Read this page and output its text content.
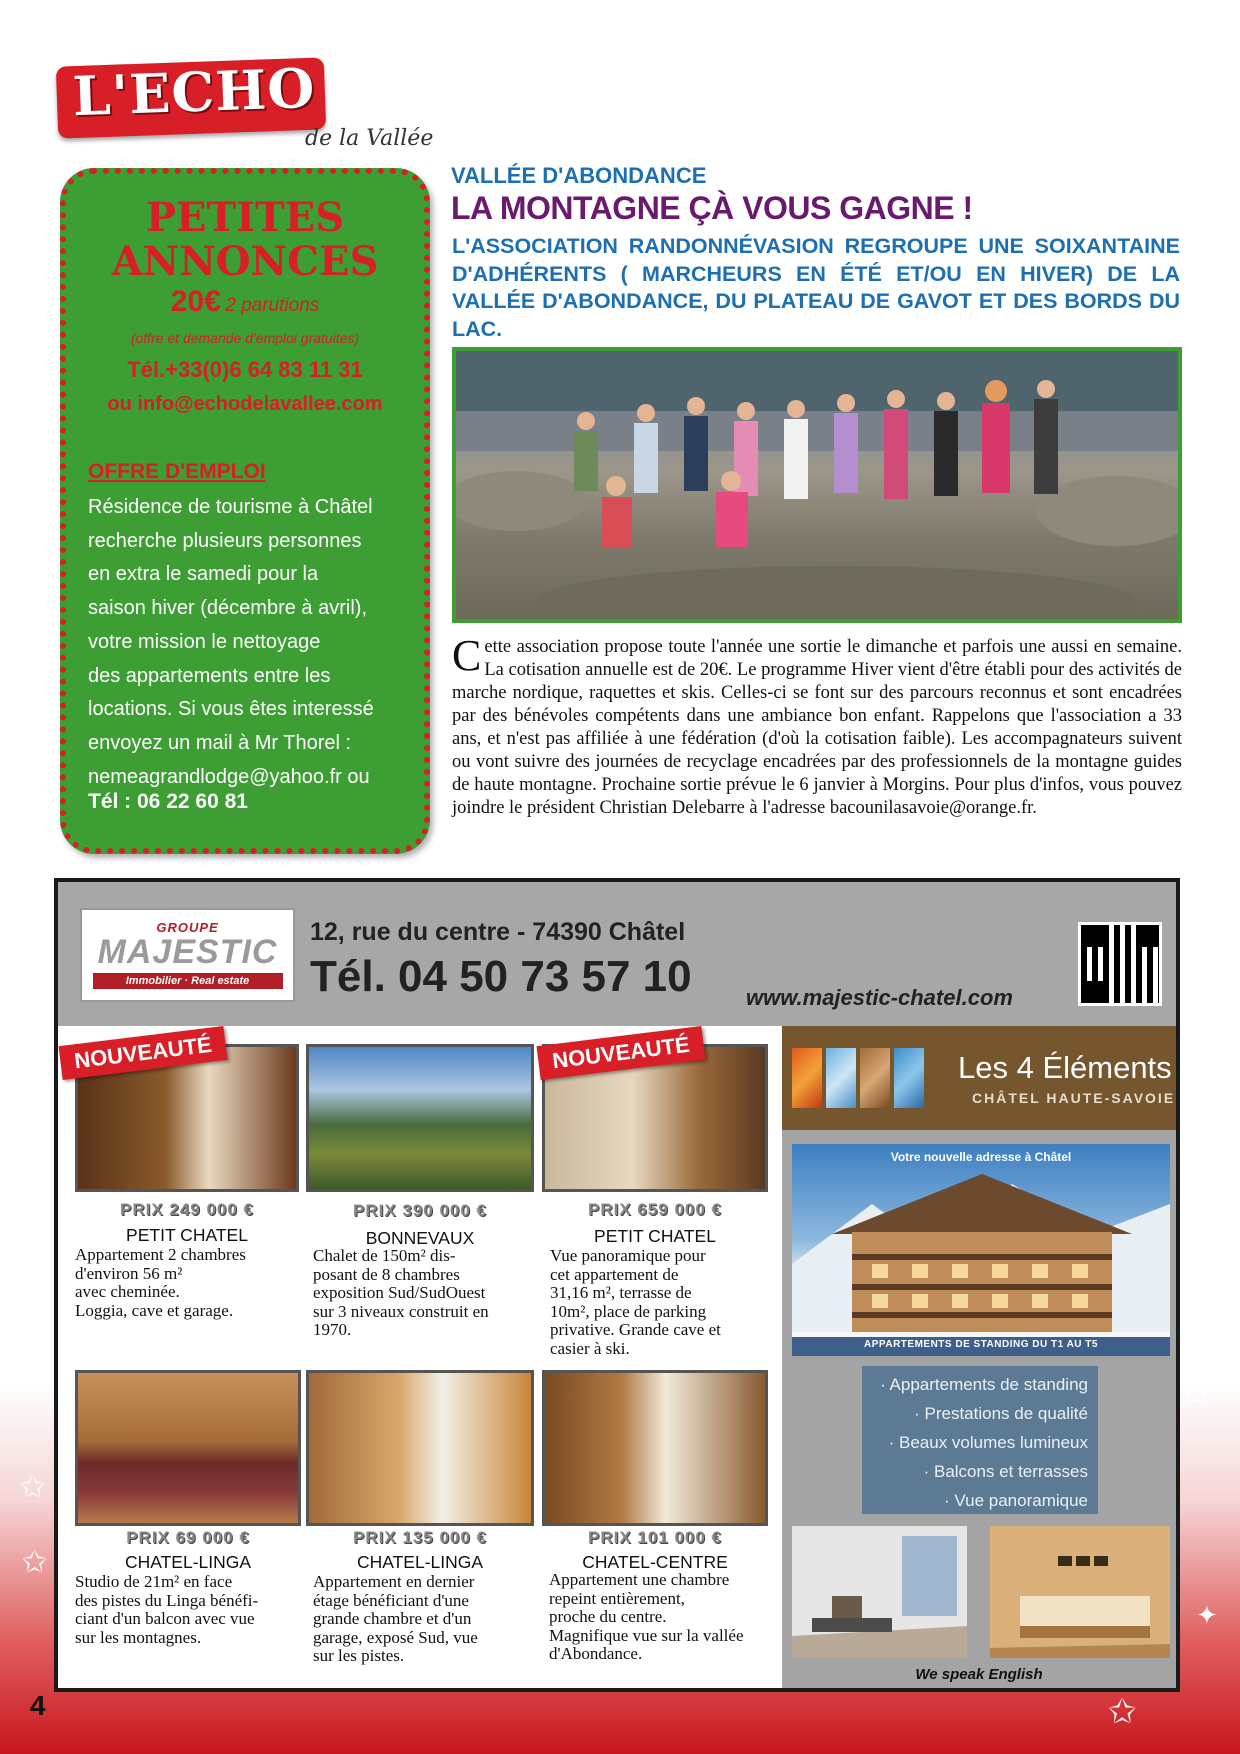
L'ECHO
de la Vallée
PETITES
ANNONCES
20€ 2 parutions
(offre et demande d'emploi gratuites)
Tél.+33(0)6 64 83 11 31
ou info@echodelavallee.com
OFFRE D'EMPLOI
Résidence de tourisme à Châtel
recherche plusieurs personnes
en extra le samedi pour la
saison hiver (décembre à avril),
votre mission le nettoyage
des appartements entre les
locations. Si vous êtes interessé
envoyez un mail à Mr Thorel :
nemeagrandlodge@yahoo.fr ou
Tél : 06 22 60 81
VALLÉE D'ABONDANCE
LA MONTAGNE ÇÀ VOUS GAGNE !
L'ASSOCIATION RANDONNÉVASION REGROUPE UNE SOIXANTAINE D'ADHÉRENTS ( MARCHEURS EN ÉTÉ ET/OU EN HIVER) DE LA VALLÉE D'ABONDANCE, DU PLATEAU DE GAVOT ET DES BORDS DU LAC.
Cette association propose toute l'année une sortie le dimanche et parfois une aussi en semaine. La cotisation annuelle est de 20€. Le programme Hiver vient d'être établi pour des activités de marche nordique, raquettes et skis. Celles-ci se font sur des parcours reconnus et sont encadrées par des bénévoles compétents dans une ambiance bon enfant. Rappelons que l'association a 33 ans, et n'est pas affiliée à une fédération (d'où la cotisation faible). Les accompagnateurs suivent ou vont suivre des journées de recyclage encadrées par des professionnels de la montagne guides de haute montagne. Prochaine sortie prévue le 6 janvier à Morgins. Pour plus d'infos, vous pouvez joindre le président Christian Delebarre à l'adresse bacounilasavoie@orange.fr.
GROUPE
MAJESTIC
Immobilier · Real estate
12, rue du centre - 74390 Châtel
Tél. 04 50 73 57 10 www.majestic-chatel.com
NOUVEAUTÉ
PRIX 249 000 €
PETIT CHATEL
Appartement 2 chambres
d'environ 56 m²
avec cheminée.
Loggia, cave et garage.
PRIX 390 000 €
BONNEVAUX
Chalet de 150m² dis-
posant de 8 chambres
exposition Sud/SudOuest
sur 3 niveaux construit en
1970.
NOUVEAUTÉ
PRIX 659 000 €
PETIT CHATEL
Vue panoramique pour
cet appartement de
31,16 m², terrasse de
10m², place de parking
privative. Grande cave et
casier à ski.
PRIX 69 000 €
CHATEL-LINGA
Studio de 21m² en face
des pistes du Linga bénéfi-
ciant d'un balcon avec vue
sur les montagnes.
PRIX 135 000 €
CHATEL-LINGA
Appartement en dernier
étage bénéficiant d'une
grande chambre et d'un
garage, exposé Sud, vue
sur les pistes.
PRIX 101 000 €
CHATEL-CENTRE
Appartement une chambre
repeint entièrement,
proche du centre.
Magnifique vue sur la vallée
d'Abondance.
Les 4 Éléments
CHÂTEL HAUTE-SAVOIE
Votre nouvelle adresse à Châtel
APPARTEMENTS DE STANDING DU T1 AU T5
· Appartements de standing
· Prestations de qualité
· Beaux volumes lumineux
· Balcons et terrasses
· Vue panoramique
We speak English
✩
✩
✩
✦
✩
4
